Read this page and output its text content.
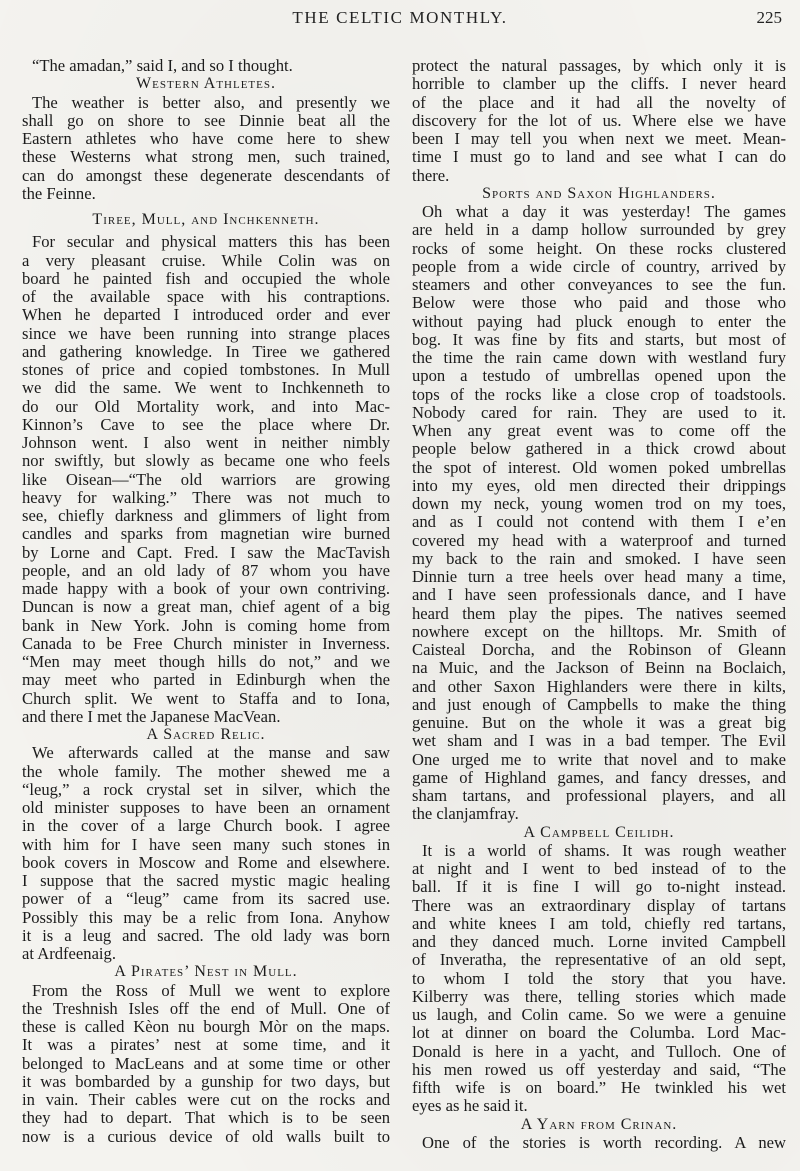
THE CELTIC MONTHLY.	225
“The amadan,” said I, and so I thought.
Western Athletes.
The weather is better also, and presently we
shall go on shore to see Dinnie beat all the
Eastern athletes who have come here to shew
these Westerns what strong men, such trained,
can do amongst these degenerate descendants of
the Feinne.
Tiree, Mull, and Inchkenneth.
For secular and physical matters this has been
a very pleasant cruise. While Colin was on
board he painted fish and occupied the whole
of the available space with his contraptions.
When he departed I introduced order and ever
since we have been running into strange places
and gathering knowledge. In Tiree we gathered
stones of price and copied tombstones. In Mull
we did the same. We went to Inchkenneth to
do our Old Mortality work, and into Mac-
Kinnon’s Cave to see the place where Dr.
Johnson went. I also went in neither nimbly
nor swiftly, but slowly as became one who feels
like Oisean—“The old warriors are growing
heavy for walking.” There was not much to
see, chiefly darkness and glimmers of light from
candles and sparks from magnetian wire burned
by Lorne and Capt. Fred. I saw the MacTavish
people, and an old lady of 87 whom you have
made happy with a book of your own contriving.
Duncan is now a great man, chief agent of a big
bank in New York. John is coming home from
Canada to be Free Church minister in Inverness.
“Men may meet though hills do not,” and we
may meet who parted in Edinburgh when the
Church split. We went to Staffa and to Iona,
and there I met the Japanese MacVean.
A Sacred Relic.
We afterwards called at the manse and saw
the whole family. The mother shewed me a
“leug,” a rock crystal set in silver, which the
old minister supposes to have been an ornament
in the cover of a large Church book. I agree
with him for I have seen many such stones in
book covers in Moscow and Rome and elsewhere.
I suppose that the sacred mystic magic healing
power of a “leug” came from its sacred use.
Possibly this may be a relic from Iona. Anyhow
it is a leug and sacred. The old lady was born
at Ardfeenaig.
A Pirates’ Nest in Mull.
From the Ross of Mull we went to explore
the Treshnish Isles off the end of Mull. One of
these is called Kèon nu bourgh Mòr on the maps.
It was a pirates’ nest at some time, and it
belonged to MacLeans and at some time or other
it was bombarded by a gunship for two days, but
in vain. Their cables were cut on the rocks and
they had to depart. That which is to be seen
now is a curious device of old walls built to
protect the natural passages, by which only it is
horrible to clamber up the cliffs. I never heard
of the place and it had all the novelty of
discovery for the lot of us. Where else we have
been I may tell you when next we meet. Mean-
time I must go to land and see what I can do
there.
Sports and Saxon Highlanders.
Oh what a day it was yesterday! The games
are held in a damp hollow surrounded by grey
rocks of some height. On these rocks clustered
people from a wide circle of country, arrived by
steamers and other conveyances to see the fun.
Below were those who paid and those who
without paying had pluck enough to enter the
bog. It was fine by fits and starts, but most of
the time the rain came down with westland fury
upon a testudo of umbrellas opened upon the
tops of the rocks like a close crop of toadstools.
Nobody cared for rain. They are used to it.
When any great event was to come off the
people below gathered in a thick crowd about
the spot of interest. Old women poked umbrellas
into my eyes, old men directed their drippings
down my neck, young women trod on my toes,
and as I could not contend with them I e’en
covered my head with a waterproof and turned
my back to the rain and smoked. I have seen
Dinnie turn a tree heels over head many a time,
and I have seen professionals dance, and I have
heard them play the pipes. The natives seemed
nowhere except on the hilltops. Mr. Smith of
Caisteal Dorcha, and the Robinson of Gleann
na Muic, and the Jackson of Beinn na Boclaich,
and other Saxon Highlanders were there in kilts,
and just enough of Campbells to make the thing
genuine. But on the whole it was a great big
wet sham and I was in a bad temper. The Evil
One urged me to write that novel and to make
game of Highland games, and fancy dresses, and
sham tartans, and professional players, and all
the clanjamfray.
A Campbell Ceilidh.
It is a world of shams. It was rough weather
at night and I went to bed instead of to the
ball. If it is fine I will go to-night instead.
There was an extraordinary display of tartans
and white knees I am told, chiefly red tartans,
and they danced much. Lorne invited Campbell
of Inveratha, the representative of an old sept,
to whom I told the story that you have.
Kilberry was there, telling stories which made
us laugh, and Colin came. So we were a genuine
lot at dinner on board the Columba. Lord Mac-
Donald is here in a yacht, and Tulloch. One of
his men rowed us off yesterday and said, “The
fifth wife is on board.” He twinkled his wet
eyes as he said it.
A Yarn from Crinan.
One of the stories is worth recording. A new
